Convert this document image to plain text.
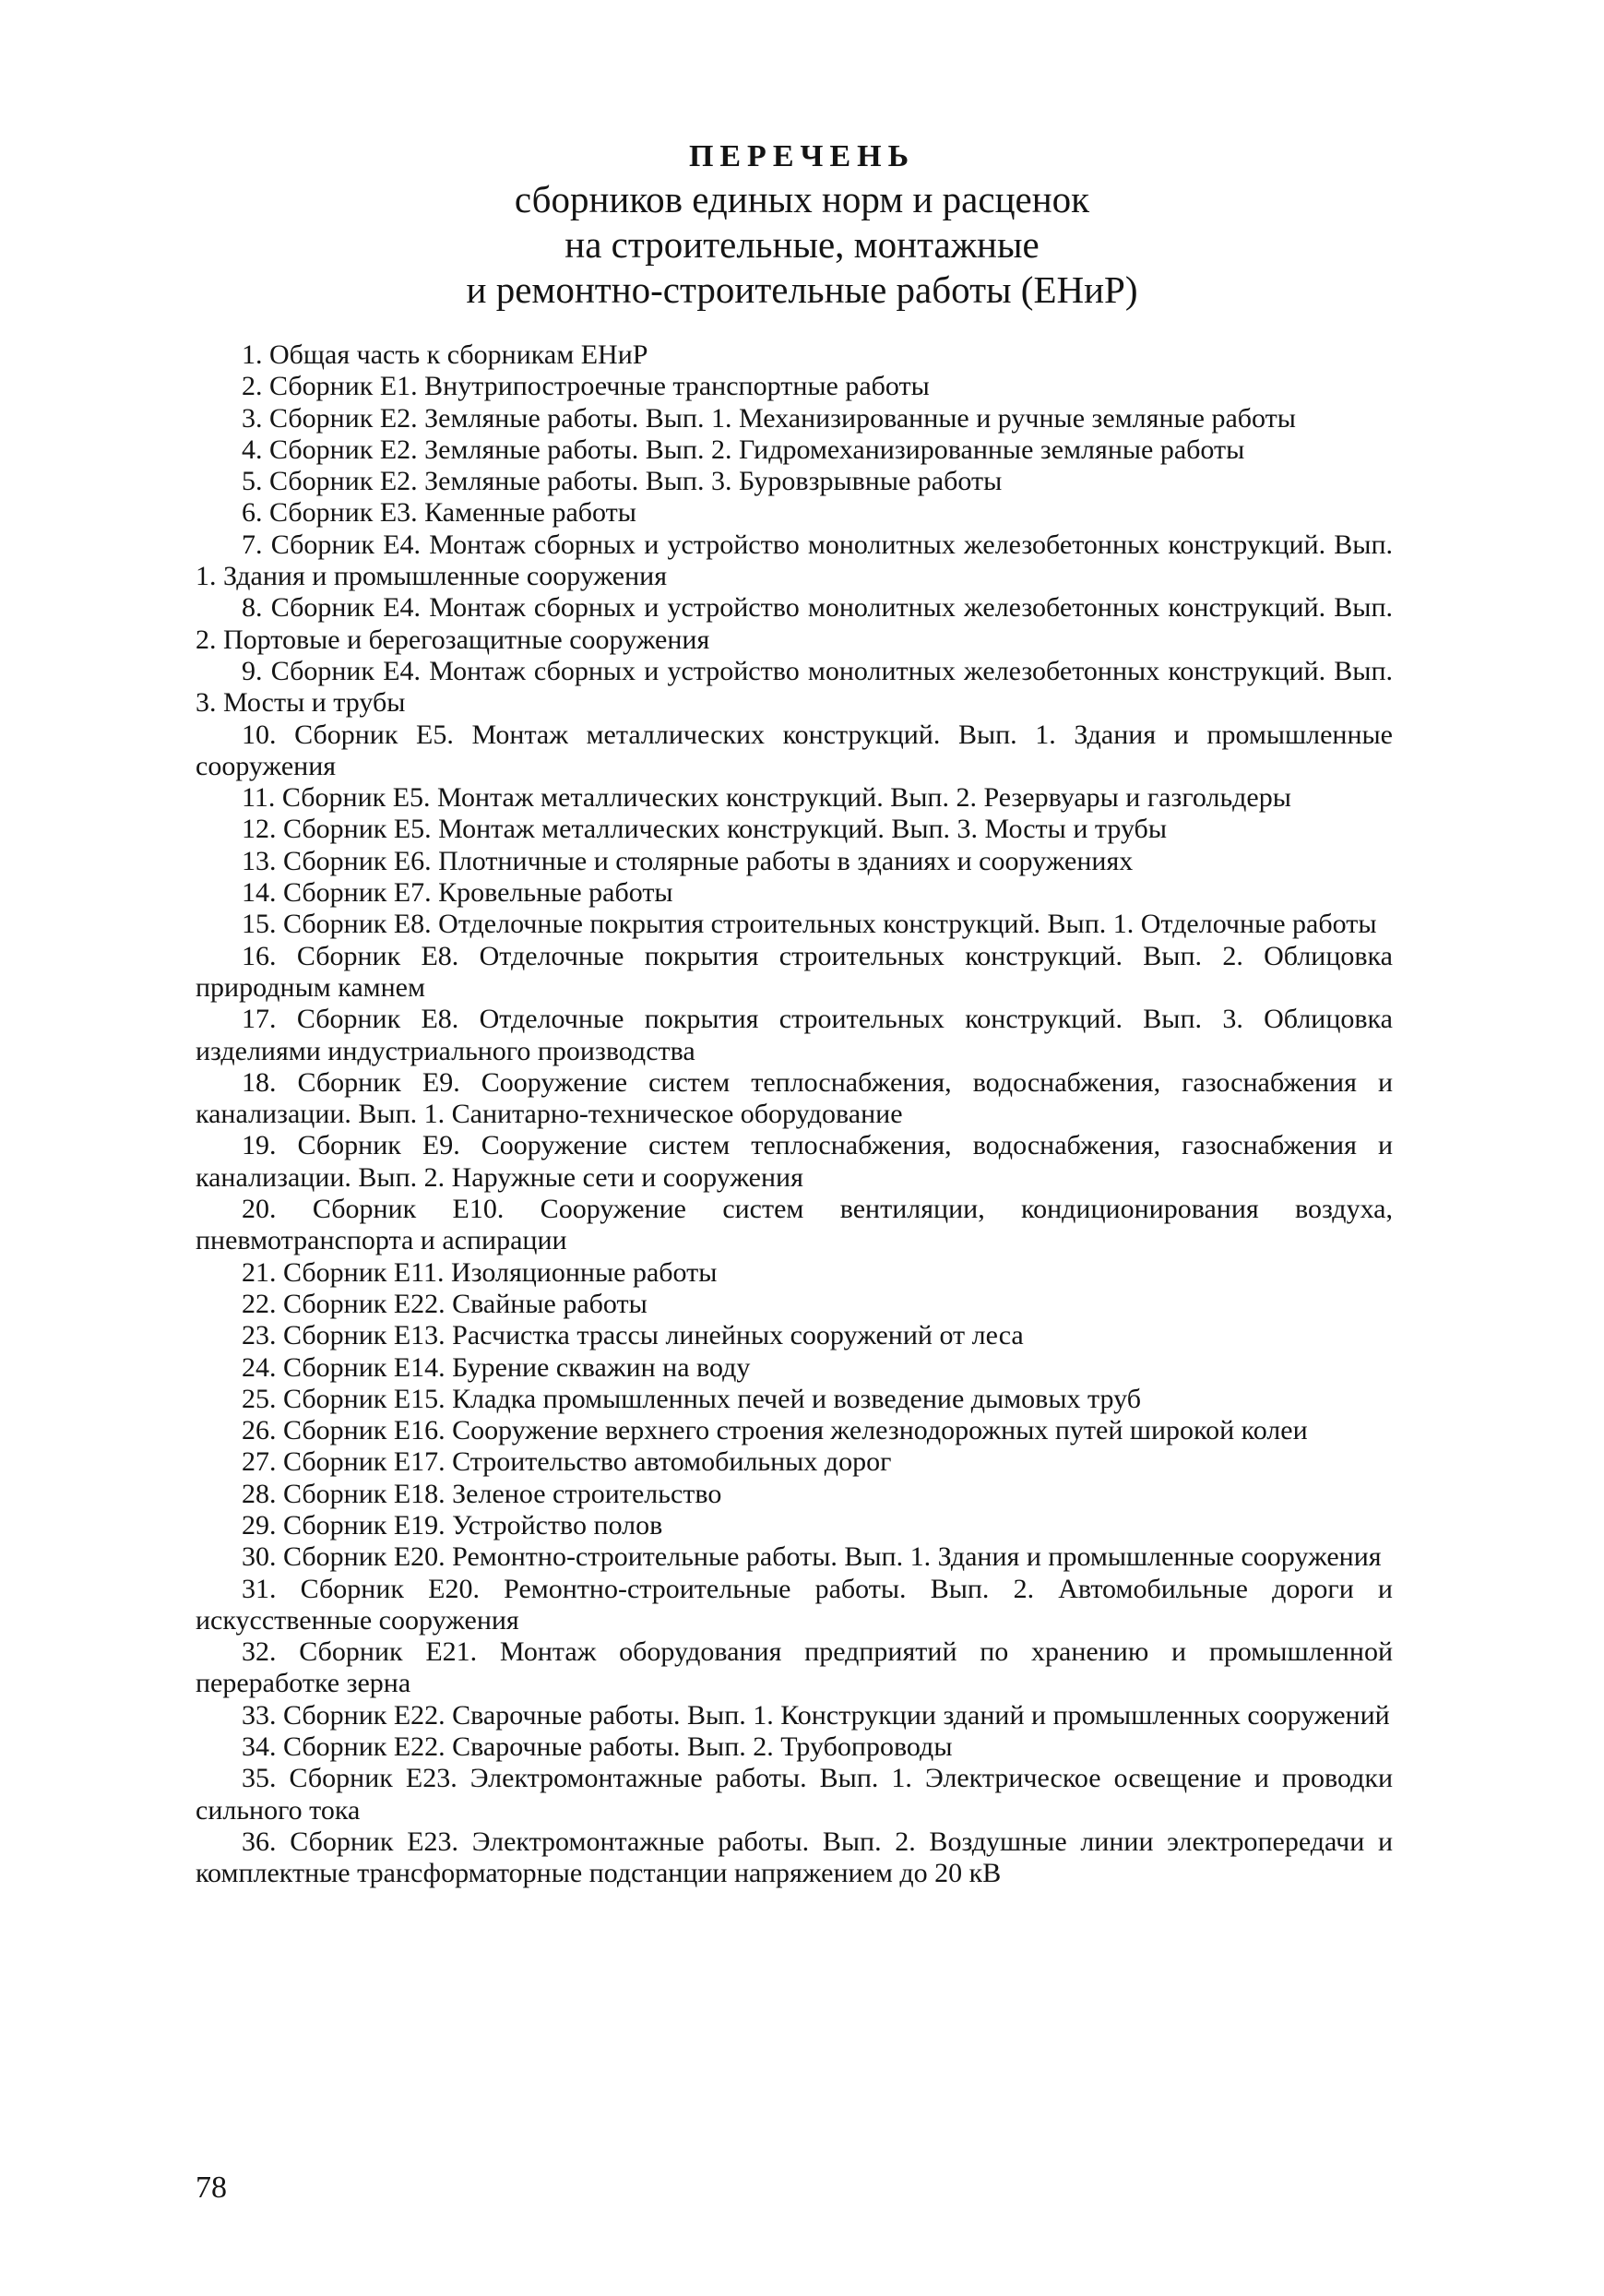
ПЕРЕЧЕНЬ
сборников единых норм и расценок
на строительные, монтажные
и ремонтно-строительные работы (ЕНиР)
1. Общая часть к сборникам ЕНиР
2. Сборник Е1. Внутрипостроечные транспортные работы
3. Сборник Е2. Земляные работы. Вып. 1. Механизированные и ручные земляные работы
4. Сборник Е2. Земляные работы. Вып. 2. Гидромеханизированные земляные работы
5. Сборник Е2. Земляные работы. Вып. 3. Буровзрывные работы
6. Сборник Е3. Каменные работы
7. Сборник Е4. Монтаж сборных и устройство монолитных железобетонных конструкций. Вып. 1. Здания и промышленные сооружения
8. Сборник Е4. Монтаж сборных и устройство монолитных железобетонных конструкций. Вып. 2. Портовые и берегозащитные сооружения
9. Сборник Е4. Монтаж сборных и устройство монолитных железобетонных конструкций. Вып. 3. Мосты и трубы
10. Сборник Е5. Монтаж металлических конструкций. Вып. 1. Здания и промышленные сооружения
11. Сборник Е5. Монтаж металлических конструкций. Вып. 2. Резервуары и газгольдеры
12. Сборник Е5. Монтаж металлических конструкций. Вып. 3. Мосты и трубы
13. Сборник Е6. Плотничные и столярные работы в зданиях и сооружениях
14. Сборник Е7. Кровельные работы
15. Сборник Е8. Отделочные покрытия строительных конструкций. Вып. 1. Отделочные работы
16. Сборник Е8. Отделочные покрытия строительных конструкций. Вып. 2. Облицовка природным камнем
17. Сборник Е8. Отделочные покрытия строительных конструкций. Вып. 3. Облицовка изделиями индустриального производства
18. Сборник Е9. Сооружение систем теплоснабжения, водоснабжения, газоснабжения и канализации. Вып. 1. Санитарно-техническое оборудование
19. Сборник Е9. Сооружение систем теплоснабжения, водоснабжения, газоснабжения и канализации. Вып. 2. Наружные сети и сооружения
20. Сборник Е10. Сооружение систем вентиляции, кондиционирования воздуха, пневмотранспорта и аспирации
21. Сборник Е11. Изоляционные работы
22. Сборник Е22. Свайные работы
23. Сборник Е13. Расчистка трассы линейных сооружений от леса
24. Сборник Е14. Бурение скважин на воду
25. Сборник Е15. Кладка промышленных печей и возведение дымовых труб
26. Сборник Е16. Сооружение верхнего строения железнодорожных путей широкой колеи
27. Сборник Е17. Строительство автомобильных дорог
28. Сборник Е18. Зеленое строительство
29. Сборник Е19. Устройство полов
30. Сборник Е20. Ремонтно-строительные работы. Вып. 1. Здания и промышленные сооружения
31. Сборник Е20. Ремонтно-строительные работы. Вып. 2. Автомобильные дороги и искусственные сооружения
32. Сборник Е21. Монтаж оборудования предприятий по хранению и промышленной переработке зерна
33. Сборник Е22. Сварочные работы. Вып. 1. Конструкции зданий и промышленных сооружений
34. Сборник Е22. Сварочные работы. Вып. 2. Трубопроводы
35. Сборник Е23. Электромонтажные работы. Вып. 1. Электрическое освещение и проводки сильного тока
36. Сборник Е23. Электромонтажные работы. Вып. 2. Воздушные линии электропередачи и комплектные трансформаторные подстанции напряжением до 20 кВ
78
